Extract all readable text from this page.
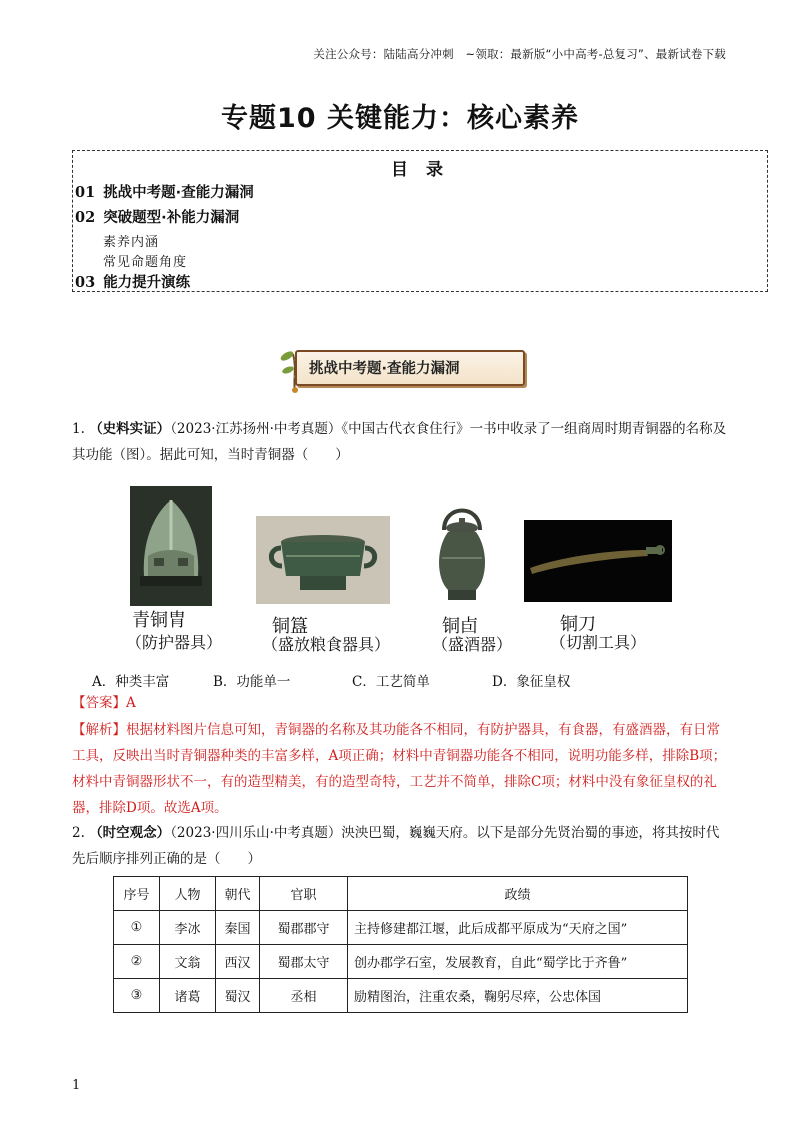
关注公众号：陆陆高分冲刺　~领取：最新版“小中高考-总复习”、最新试卷下载
专题10 关键能力：核心素养
目 录
01 挑战中考题·查能力漏洞
02 突破题型·补能力漏洞
素养内涵
常见命题角度
03 能力提升演练
挑战中考题·查能力漏洞
1. （史料实证）（2023·江苏扬州·中考真题）《中国古代衣食住行》一书中收录了一组商周时期青铜器的名称及其功能（图）。据此可知，当时青铜器（　　）
青铜胄
（防护器具）
铜簋
（盛放粮食器具）
铜卣
（盛酒器）
铜刀
（切割工具）
A．种类丰富	B．功能单一	C．工艺简单	D．象征皇权
【答案】A
【解析】根据材料图片信息可知，青铜器的名称及其功能各不相同，有防护器具，有食器，有盛酒器，有日常工具，反映出当时青铜器种类的丰富多样，A项正确；材料中青铜器功能各不相同，说明功能多样，排除B项；材料中青铜器形状不一，有的造型精美，有的造型奇特，工艺并不简单，排除C项；材料中没有象征皇权的礼器，排除D项。故选A项。
2. （时空观念）（2023·四川乐山·中考真题）泱泱巴蜀，巍巍天府。以下是部分先贤治蜀的事迹，将其按时代先后顺序排列正确的是（　　）
序号	人物	朝代	官职	政绩
①	李冰	秦国	蜀郡郡守	主持修建都江堰，此后成都平原成为“天府之国”
②	文翁	西汉	蜀郡太守	创办郡学石室，发展教育，自此“蜀学比于齐鲁”
③	诸葛	蜀汉	丞相	励精图治，注重农桑，鞠躬尽瘁，公忠体国
1
